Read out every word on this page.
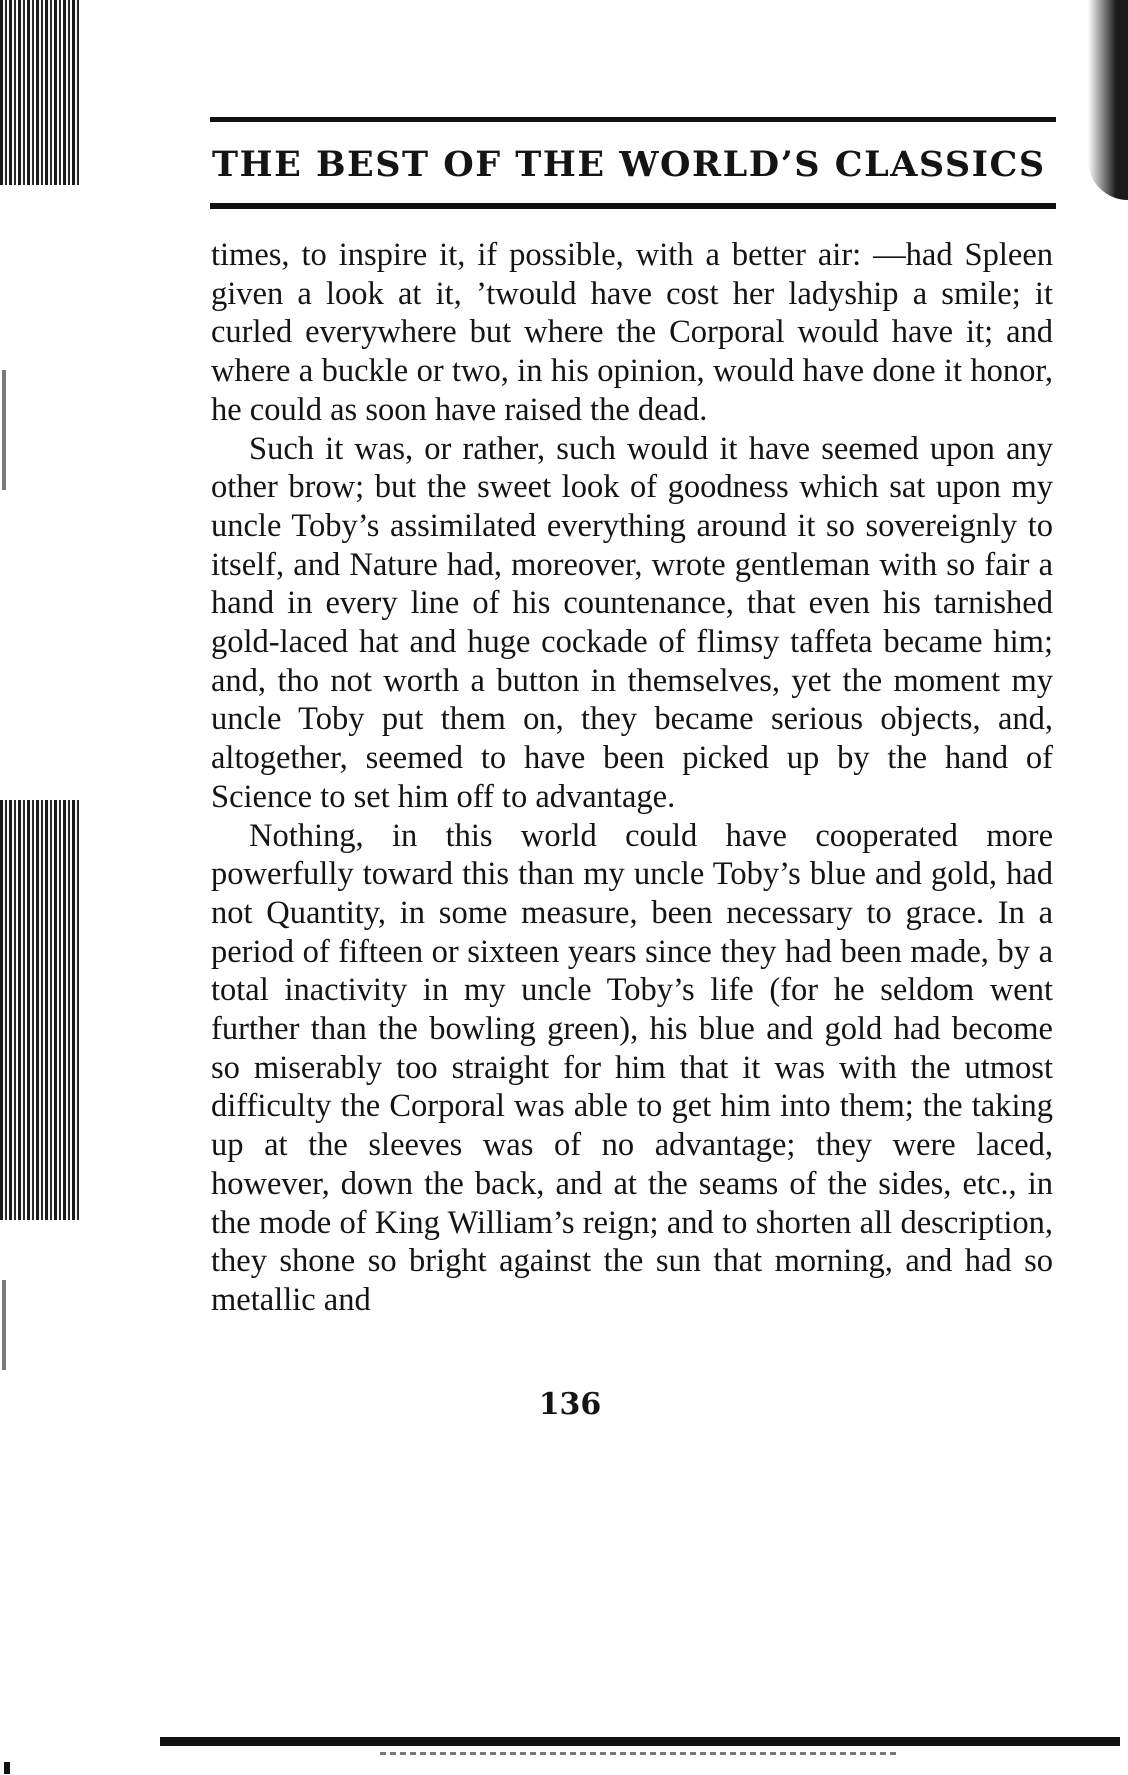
THE BEST OF THE WORLD’S CLASSICS

times, to inspire it, if possible, with a better air: —had Spleen given a look at it, ’twould have cost her ladyship a smile; it curled everywhere but where the Corporal would have it; and where a buckle or two, in his opinion, would have done it honor, he could as soon have raised the dead.

Such it was, or rather, such would it have seemed upon any other brow; but the sweet look of goodness which sat upon my uncle Toby’s assimilated everything around it so sovereignly to itself, and Nature had, moreover, wrote gentleman with so fair a hand in every line of his countenance, that even his tarnished gold-laced hat and huge cockade of flimsy taffeta became him; and, tho not worth a button in themselves, yet the moment my uncle Toby put them on, they became serious objects, and, altogether, seemed to have been picked up by the hand of Science to set him off to advantage.

Nothing, in this world could have cooperated more powerfully toward this than my uncle Toby’s blue and gold, had not Quantity, in some measure, been necessary to grace. In a period of fifteen or sixteen years since they had been made, by a total inactivity in my uncle Toby’s life (for he seldom went further than the bowling green), his blue and gold had become so miserably too straight for him that it was with the utmost difficulty the Corporal was able to get him into them; the taking up at the sleeves was of no advantage; they were laced, however, down the back, and at the seams of the sides, etc., in the mode of King William’s reign; and to shorten all description, they shone so bright against the sun that morning, and had so metallic and

136
